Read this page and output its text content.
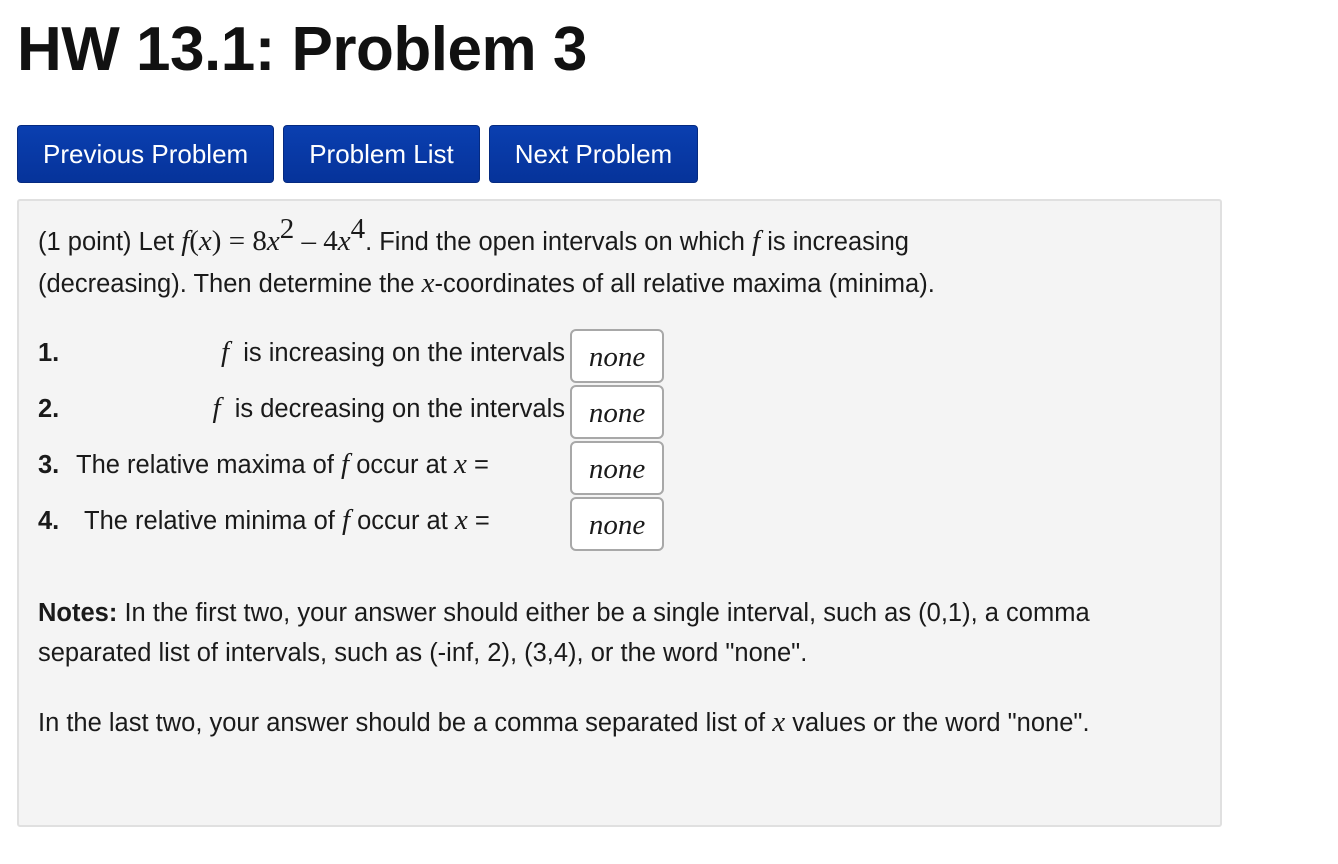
HW 13.1: Problem 3
Previous Problem	Problem List	Next Problem

(1 point) Let $f(x) = 8x^2 - 4x^4$. Find the open intervals on which f is increasing
(decreasing). Then determine the x-coordinates of all relative maxima (minima).

1.	f is increasing on the intervals none
2.	f is decreasing on the intervals none
3. The relative maxima of f occur at x =	none
4. The relative minima of f occur at x =	none

Notes: In the first two, your answer should either be a single interval, such as (0,1), a comma separated list of intervals, such as (-inf, 2), (3,4), or the word "none".

In the last two, your answer should be a comma separated list of x values or the word "none".
